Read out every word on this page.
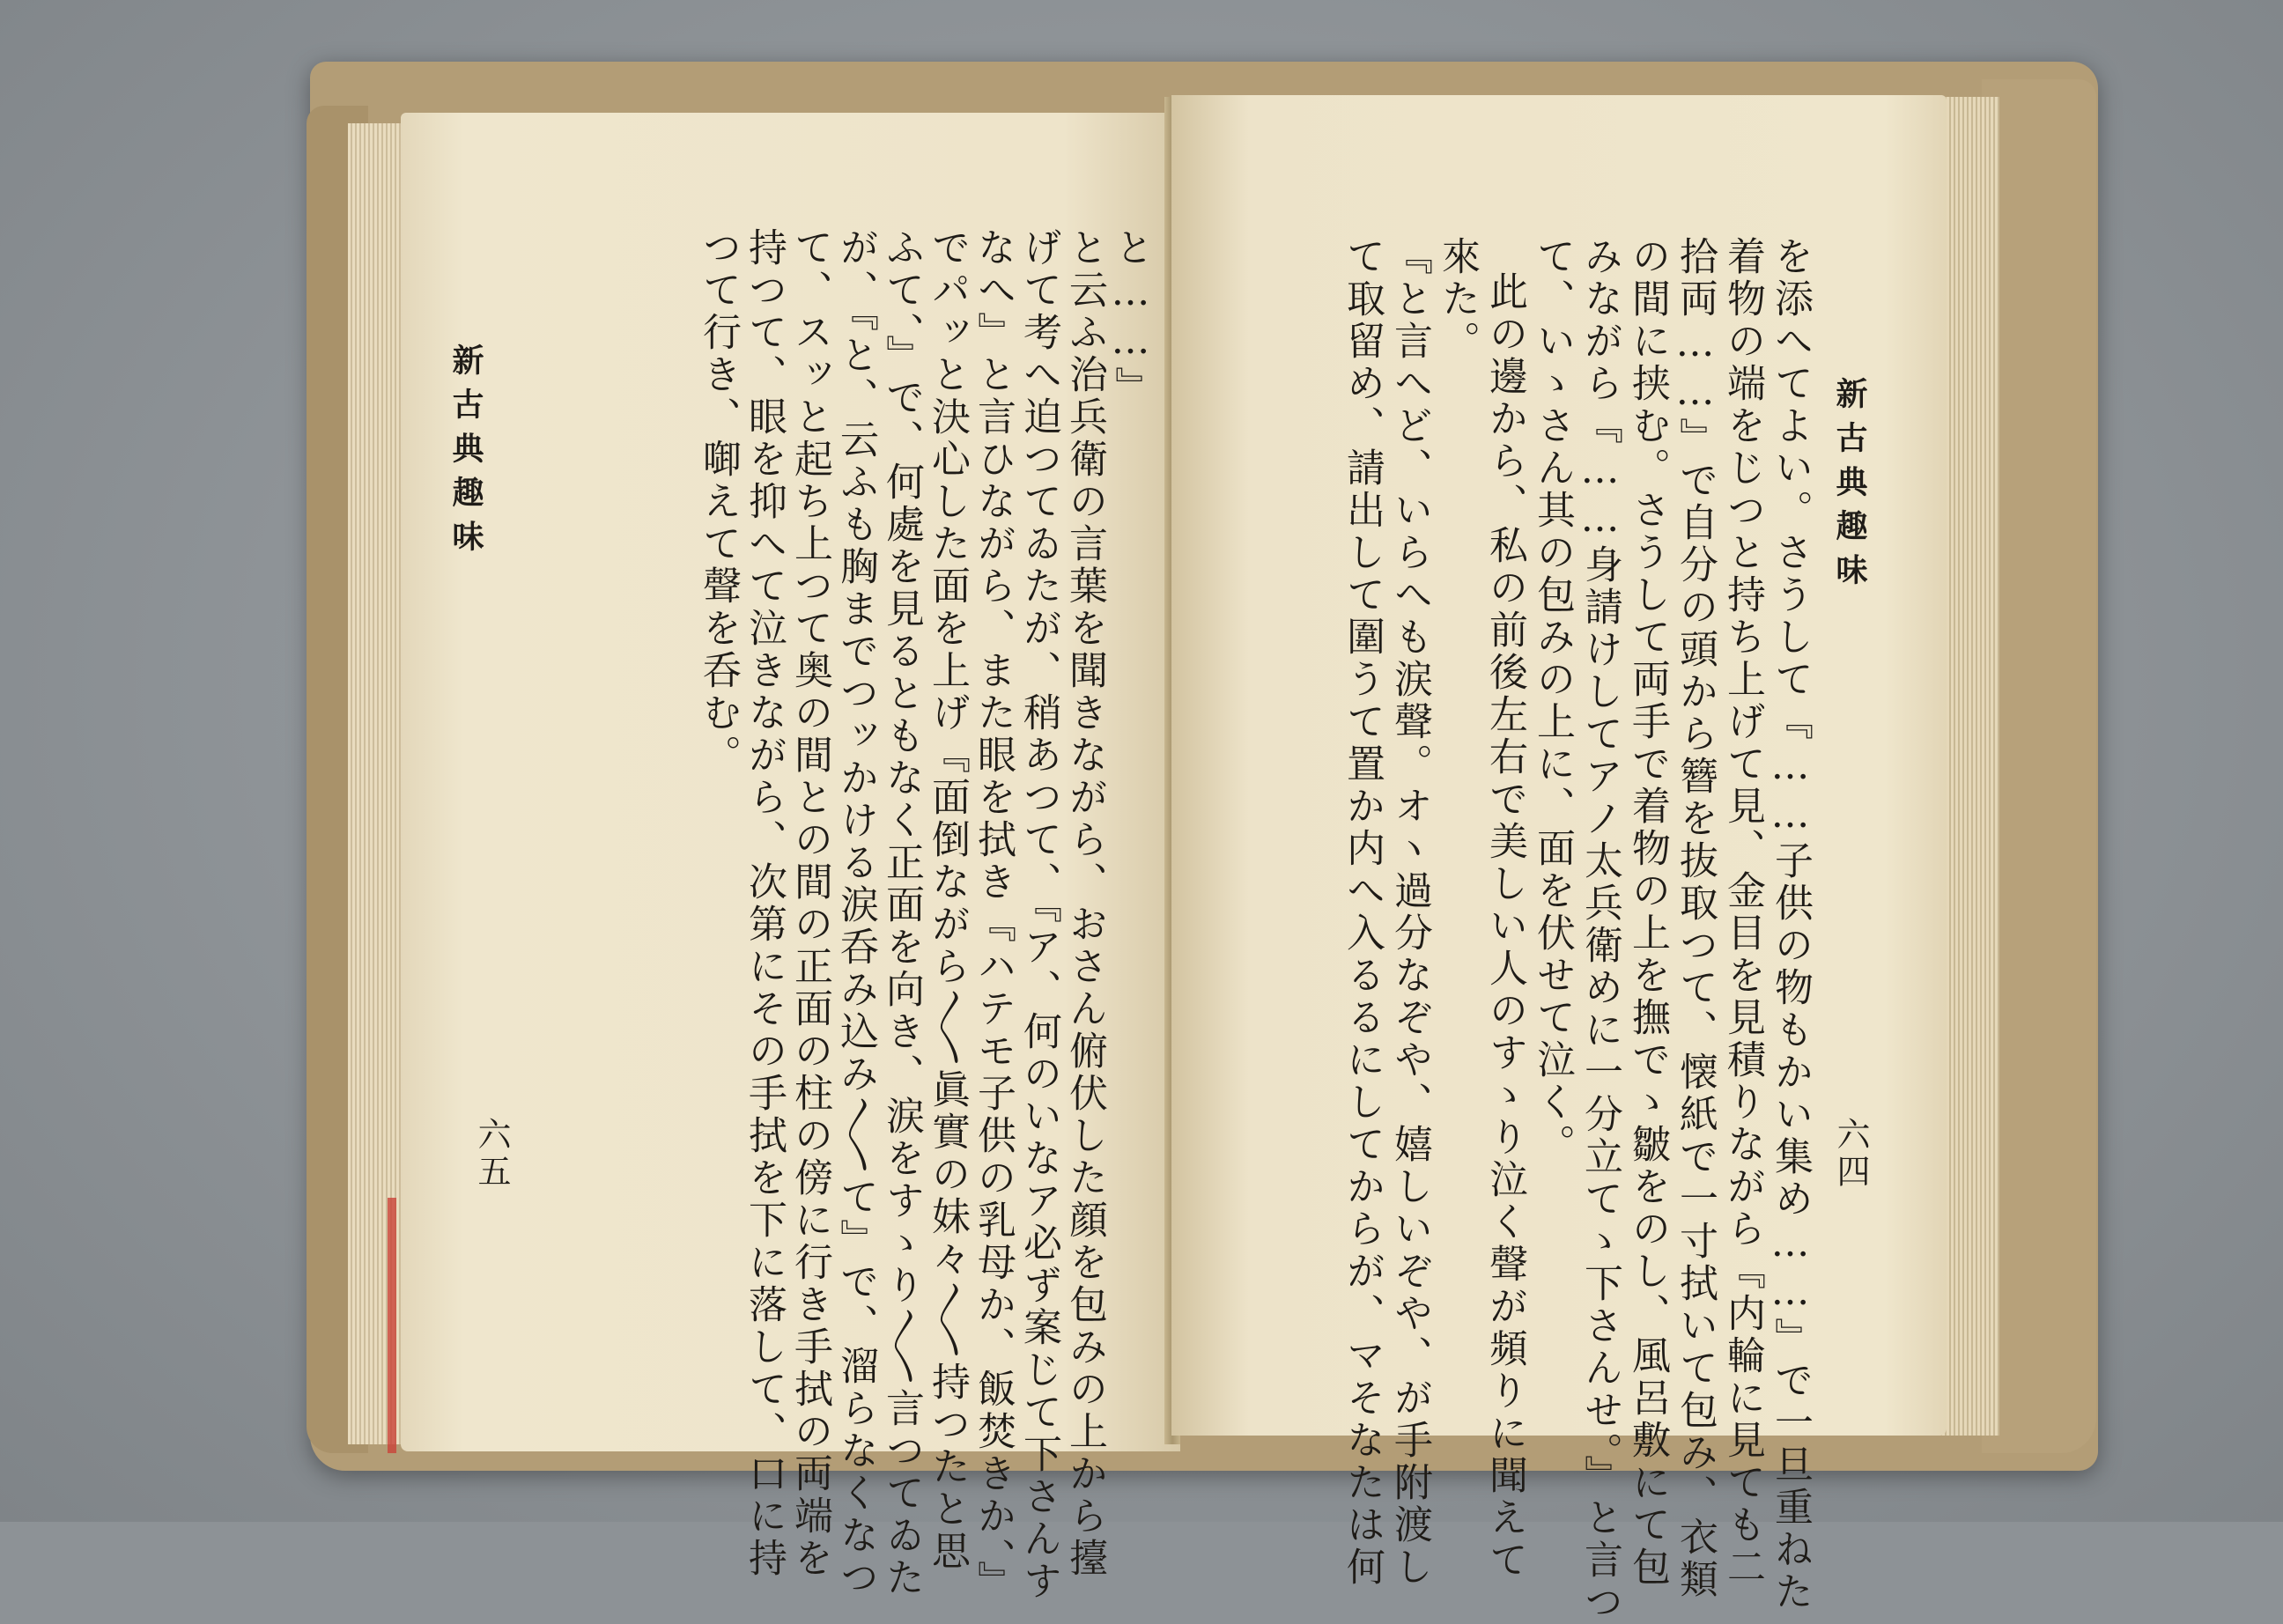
と……』
と云ふ治兵衛の言葉を聞きながら、おさん俯伏した顔を包みの上から擡
げて考へ迫つてゐたが、稍あつて、『ア、何のいなア必ず案じて下さんす
なへ』と言ひながら、また眼を拭き『ハテモ子供の乳母か、飯焚きか、』
でパッと決心した面を上げ『面倒ながら〳〵眞實の妹々〳〵持つたと思
ふて、』で、何處を見るともなく正面を向き、涙をすゝり〳〵言つてゐた
が、『と、云ふも胸までつッかける涙呑み込み〳〵て』で、溜らなくなつ
て、スッと起ち上つて奥の間との間の正面の柱の傍に行き手拭の両端を
持つて、眼を抑へて泣きながら、次第にその手拭を下に落して、口に持
つて行き、啣えて聲を呑む。
新古典趣味
六五
新古典趣味
六四
を添へてよい。さうして『……子供の物もかい集め……』で一旦重ねた
着物の端をじつと持ち上げて見、金目を見積りながら『内輪に見ても二
拾両……』で自分の頭から簪を抜取つて、懐紙で一寸拭いて包み、衣類
の間に挟む。さうして両手で着物の上を撫でゝ皺をのし、風呂敷にて包
みながら『……身請けしてアノ太兵衛めに一分立てゝ下さんせ。』と言つ
て、いゝさん其の包みの上に、面を伏せて泣く。
此の邊から、私の前後左右で美しい人のすゝり泣く聲が頻りに聞えて
來た。
『と言へど、いらへも涙聲。オヽ過分なぞや、嬉しいぞや、が手附渡し
て取留め、請出して圍うて置か内へ入るるにしてからが、マそなたは何
